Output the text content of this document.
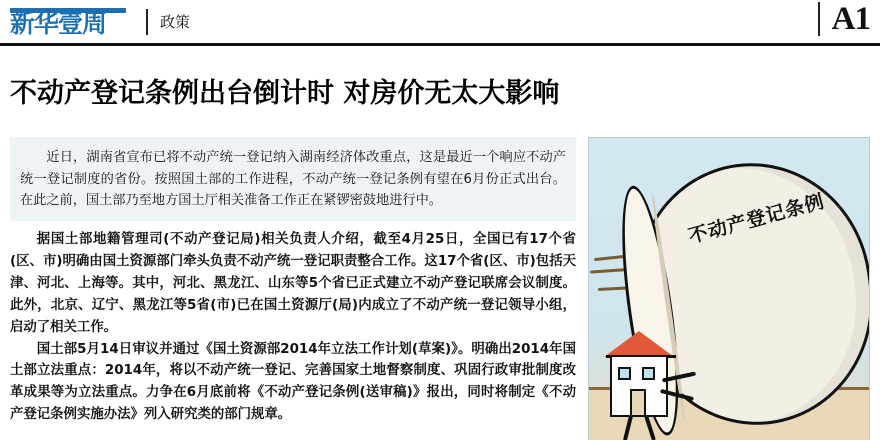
新华壹周	政策	A1
不动产登记条例出台倒计时 对房价无太大影响

近日，湖南省宣布已将不动产统一登记纳入湖南经济体改重点，这是最近一个响应不动产统一登记制度的省份。按照国土部的工作进程，不动产统一登记条例有望在6月份正式出台。在此之前，国土部乃至地方国土厅相关准备工作正在紧锣密鼓地进行中。

据国土部地籍管理司(不动产登记局)相关负责人介绍，截至4月25日，全国已有17个省(区、市)明确由国土资源部门牵头负责不动产统一登记职责整合工作。这17个省(区、市)包括天津、河北、上海等。其中，河北、黑龙江、山东等5个省已正式建立不动产登记联席会议制度。此外，北京、辽宁、黑龙江等5省(市)已在国土资源厅(局)内成立了不动产统一登记领导小组，启动了相关工作。

国土部5月14日审议并通过《国土资源部2014年立法工作计划(草案)》。明确出2014年国土部立法重点：2014年，将以不动产统一登记、完善国家土地督察制度、巩固行政审批制度改革成果等为立法重点。力争在6月底前将《不动产登记条例(送审稿)》报出，同时将制定《不动产登记条例实施办法》列入研究类的部门规章。

不动产登记条例
